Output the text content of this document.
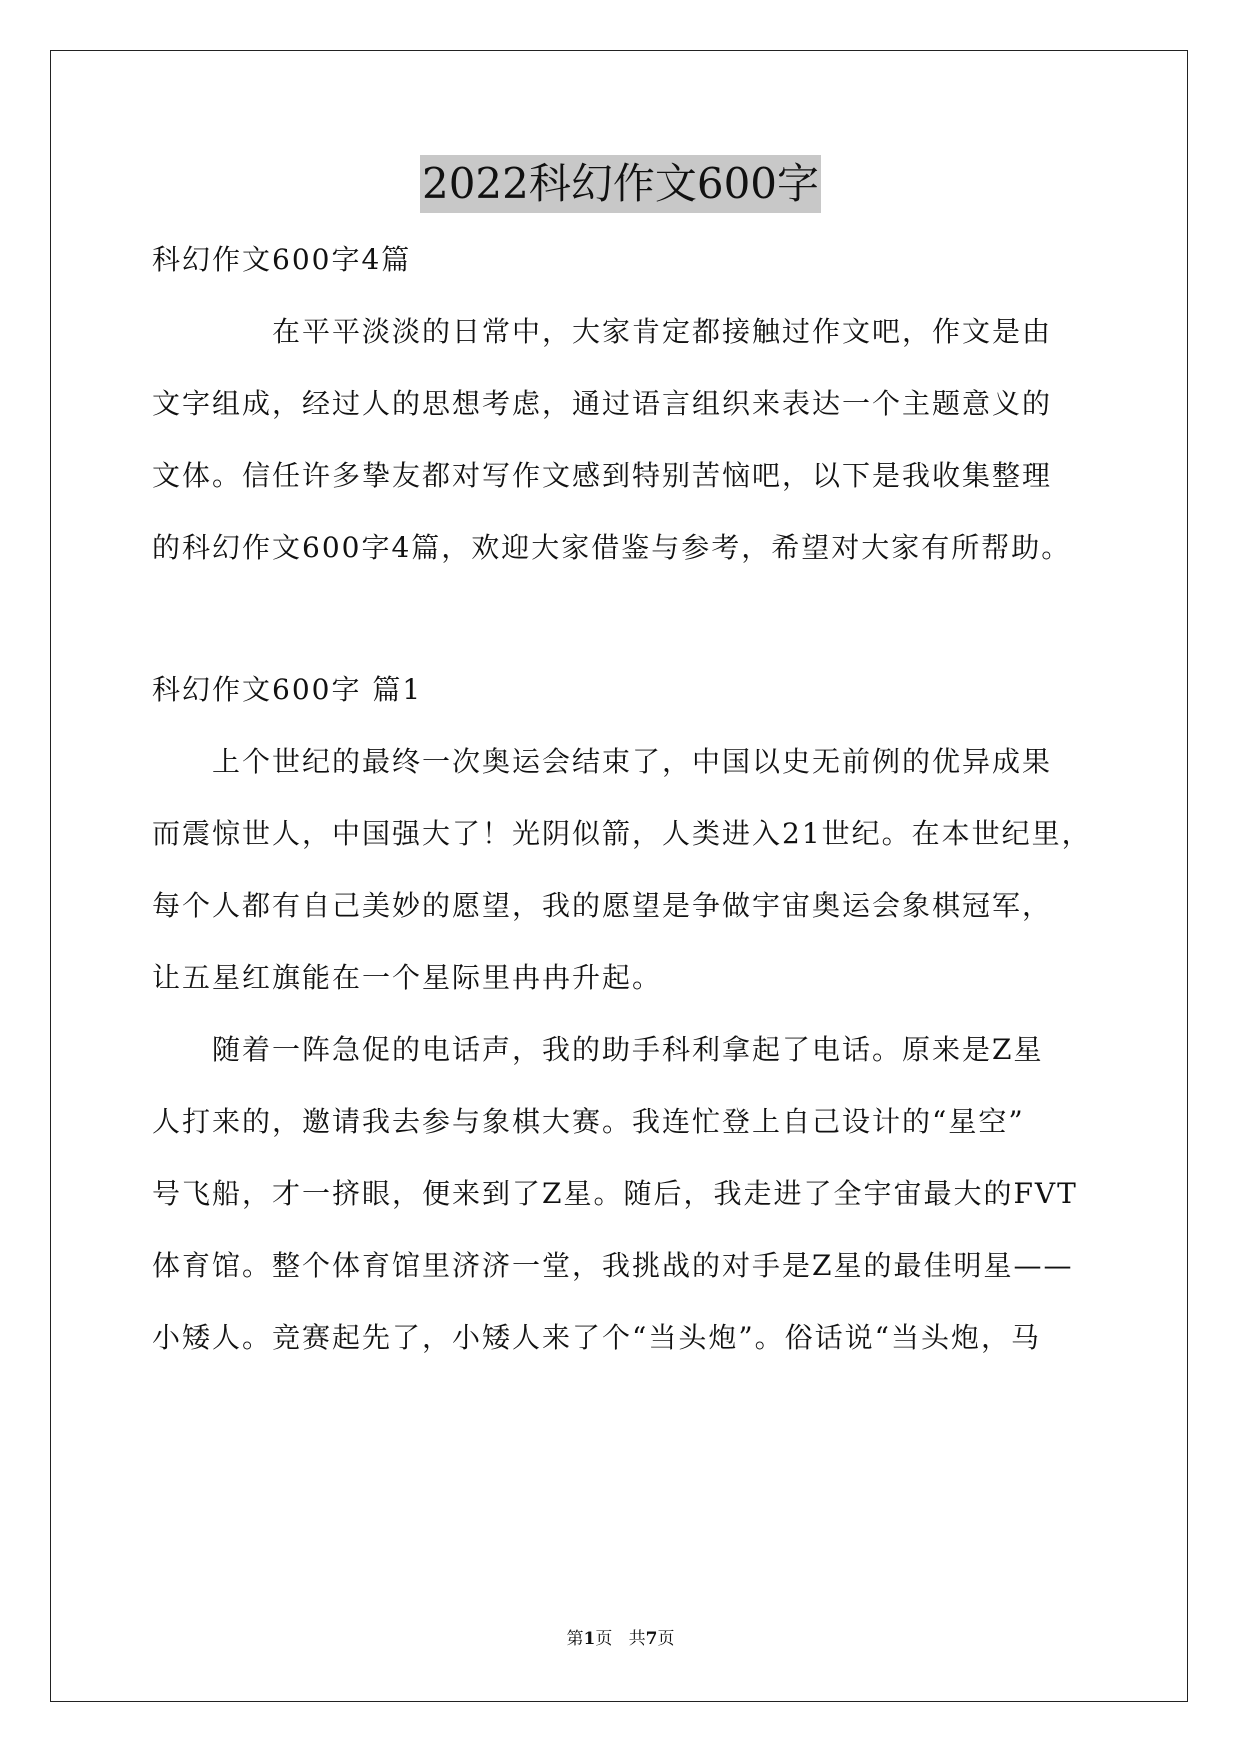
2022科幻作文600字
科幻作文600字4篇
　　　　在平平淡淡的日常中，大家肯定都接触过作文吧，作文是由
文字组成，经过人的思想考虑，通过语言组织来表达一个主题意义的
文体。信任许多挚友都对写作文感到特别苦恼吧，以下是我收集整理
的科幻作文600字4篇，欢迎大家借鉴与参考，希望对大家有所帮助。
科幻作文600字 篇1
　　上个世纪的最终一次奥运会结束了，中国以史无前例的优异成果
而震惊世人，中国强大了！光阴似箭，人类进入21世纪。在本世纪里，
每个人都有自己美妙的愿望，我的愿望是争做宇宙奥运会象棋冠军，
让五星红旗能在一个星际里冉冉升起。
　　随着一阵急促的电话声，我的助手科利拿起了电话。原来是Z星
人打来的，邀请我去参与象棋大赛。我连忙登上自己设计的“星空”
号飞船，才一挤眼，便来到了Z星。随后，我走进了全宇宙最大的FVT
体育馆。整个体育馆里济济一堂，我挑战的对手是Z星的最佳明星——
小矮人。竞赛起先了，小矮人来了个“当头炮”。俗话说“当头炮，马
第1页 共7页
